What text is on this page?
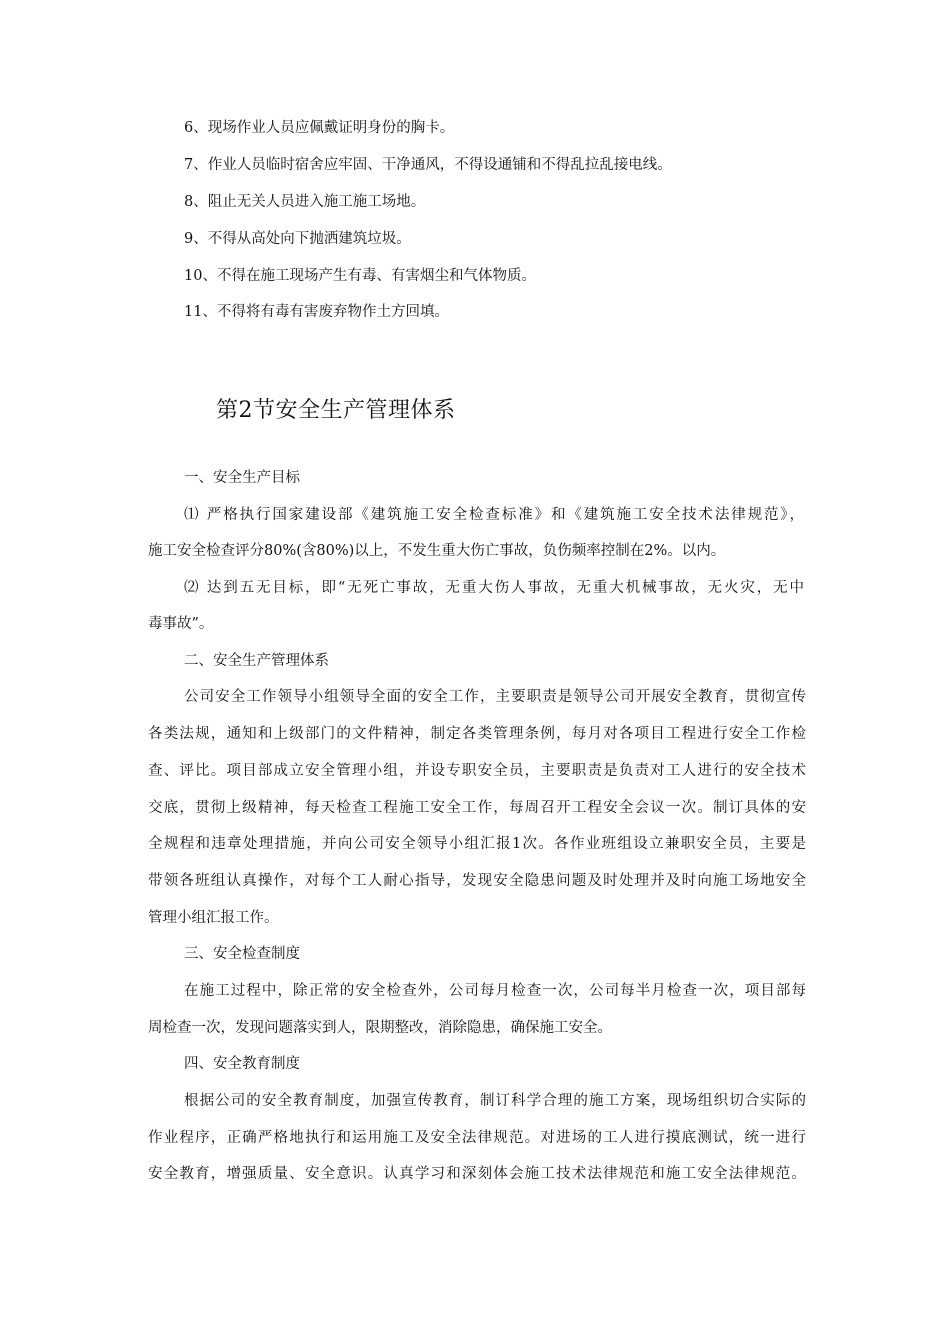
6、现场作业人员应佩戴证明身份的胸卡。
7、作业人员临时宿舍应牢固、干净通风，不得设通铺和不得乱拉乱接电线。
8、阻止无关人员进入施工施工场地。
9、不得从高处向下抛洒建筑垃圾。
10、不得在施工现场产生有毒、有害烟尘和气体物质。
11、不得将有毒有害废弃物作土方回填。
第2节安全生产管理体系
一、安全生产目标
⑴ 严格执行国家建设部《建筑施工安全检查标准》和《建筑施工安全技术法律规范》，
施工安全检查评分80%(含80%)以上，不发生重大伤亡事故，负伤频率控制在2%。以内。
⑵ 达到五无目标，即“无死亡事故，无重大伤人事故，无重大机械事故，无火灾，无中
毒事故”。
二、安全生产管理体系
公司安全工作领导小组领导全面的安全工作，主要职责是领导公司开展安全教育，贯彻宣传
各类法规，通知和上级部门的文件精神，制定各类管理条例，每月对各项目工程进行安全工作检
查、评比。项目部成立安全管理小组，并设专职安全员，主要职责是负责对工人进行的安全技术
交底，贯彻上级精神，每天检查工程施工安全工作，每周召开工程安全会议一次。制订具体的安
全规程和违章处理措施，并向公司安全领导小组汇报1次。各作业班组设立兼职安全员，主要是
带领各班组认真操作，对每个工人耐心指导，发现安全隐患问题及时处理并及时向施工场地安全
管理小组汇报工作。
三、安全检查制度
在施工过程中，除正常的安全检查外，公司每月检查一次，公司每半月检查一次，项目部每
周检查一次，发现问题落实到人，限期整改，消除隐患，确保施工安全。
四、安全教育制度
根据公司的安全教育制度，加强宣传教育，制订科学合理的施工方案，现场组织切合实际的
作业程序，正确严格地执行和运用施工及安全法律规范。对进场的工人进行摸底测试，统一进行
安全教育，增强质量、安全意识。认真学习和深刻体会施工技术法律规范和施工安全法律规范。
